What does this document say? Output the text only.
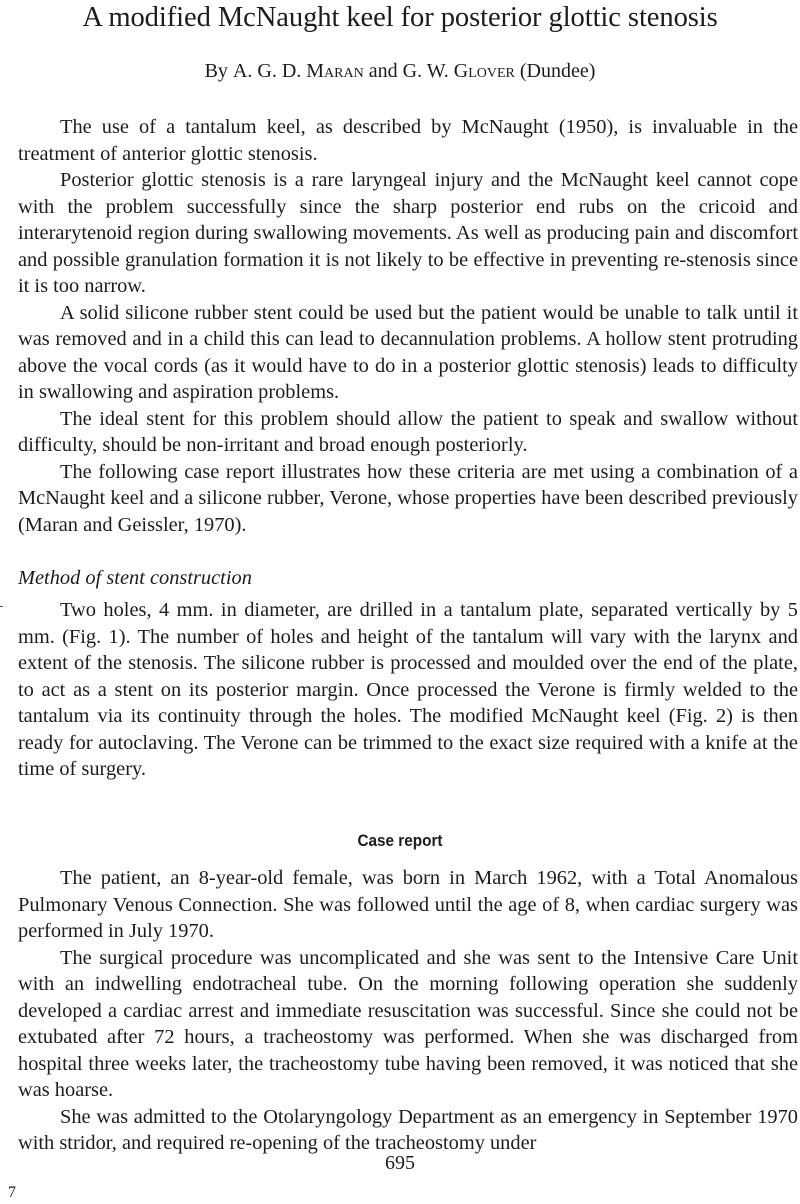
A modified McNaught keel for posterior glottic stenosis
By A. G. D. Maran and G. W. Glover (Dundee)

The use of a tantalum keel, as described by McNaught (1950), is invaluable in the treatment of anterior glottic stenosis.

Posterior glottic stenosis is a rare laryngeal injury and the McNaught keel cannot cope with the problem successfully since the sharp posterior end rubs on the cricoid and interarytenoid region during swallowing movements. As well as producing pain and discomfort and possible granulation formation it is not likely to be effective in preventing re-stenosis since it is too narrow.

A solid silicone rubber stent could be used but the patient would be unable to talk until it was removed and in a child this can lead to decannulation problems. A hollow stent protruding above the vocal cords (as it would have to do in a posterior glottic stenosis) leads to difficulty in swallowing and aspiration problems.

The ideal stent for this problem should allow the patient to speak and swallow without difficulty, should be non-irritant and broad enough posteriorly.

The following case report illustrates how these criteria are met using a combination of a McNaught keel and a silicone rubber, Verone, whose properties have been described previously (Maran and Geissler, 1970).

Method of stent construction

Two holes, 4 mm. in diameter, are drilled in a tantalum plate, separated vertically by 5 mm. (Fig. 1). The number of holes and height of the tantalum will vary with the larynx and extent of the stenosis. The silicone rubber is processed and moulded over the end of the plate, to act as a stent on its posterior margin. Once processed the Verone is firmly welded to the tantalum via its continuity through the holes. The modified McNaught keel (Fig. 2) is then ready for autoclaving. The Verone can be trimmed to the exact size required with a knife at the time of surgery.

Case report

The patient, an 8-year-old female, was born in March 1962, with a Total Anomalous Pulmonary Venous Connection. She was followed until the age of 8, when cardiac surgery was performed in July 1970.

The surgical procedure was uncomplicated and she was sent to the Intensive Care Unit with an indwelling endotracheal tube. On the morning following operation she suddenly developed a cardiac arrest and immediate resuscitation was successful. Since she could not be extubated after 72 hours, a tracheostomy was performed. When she was discharged from hospital three weeks later, the tracheostomy tube having been removed, it was noticed that she was hoarse.

She was admitted to the Otolaryngology Department as an emergency in September 1970 with stridor, and required re-opening of the tracheostomy under

695
7
